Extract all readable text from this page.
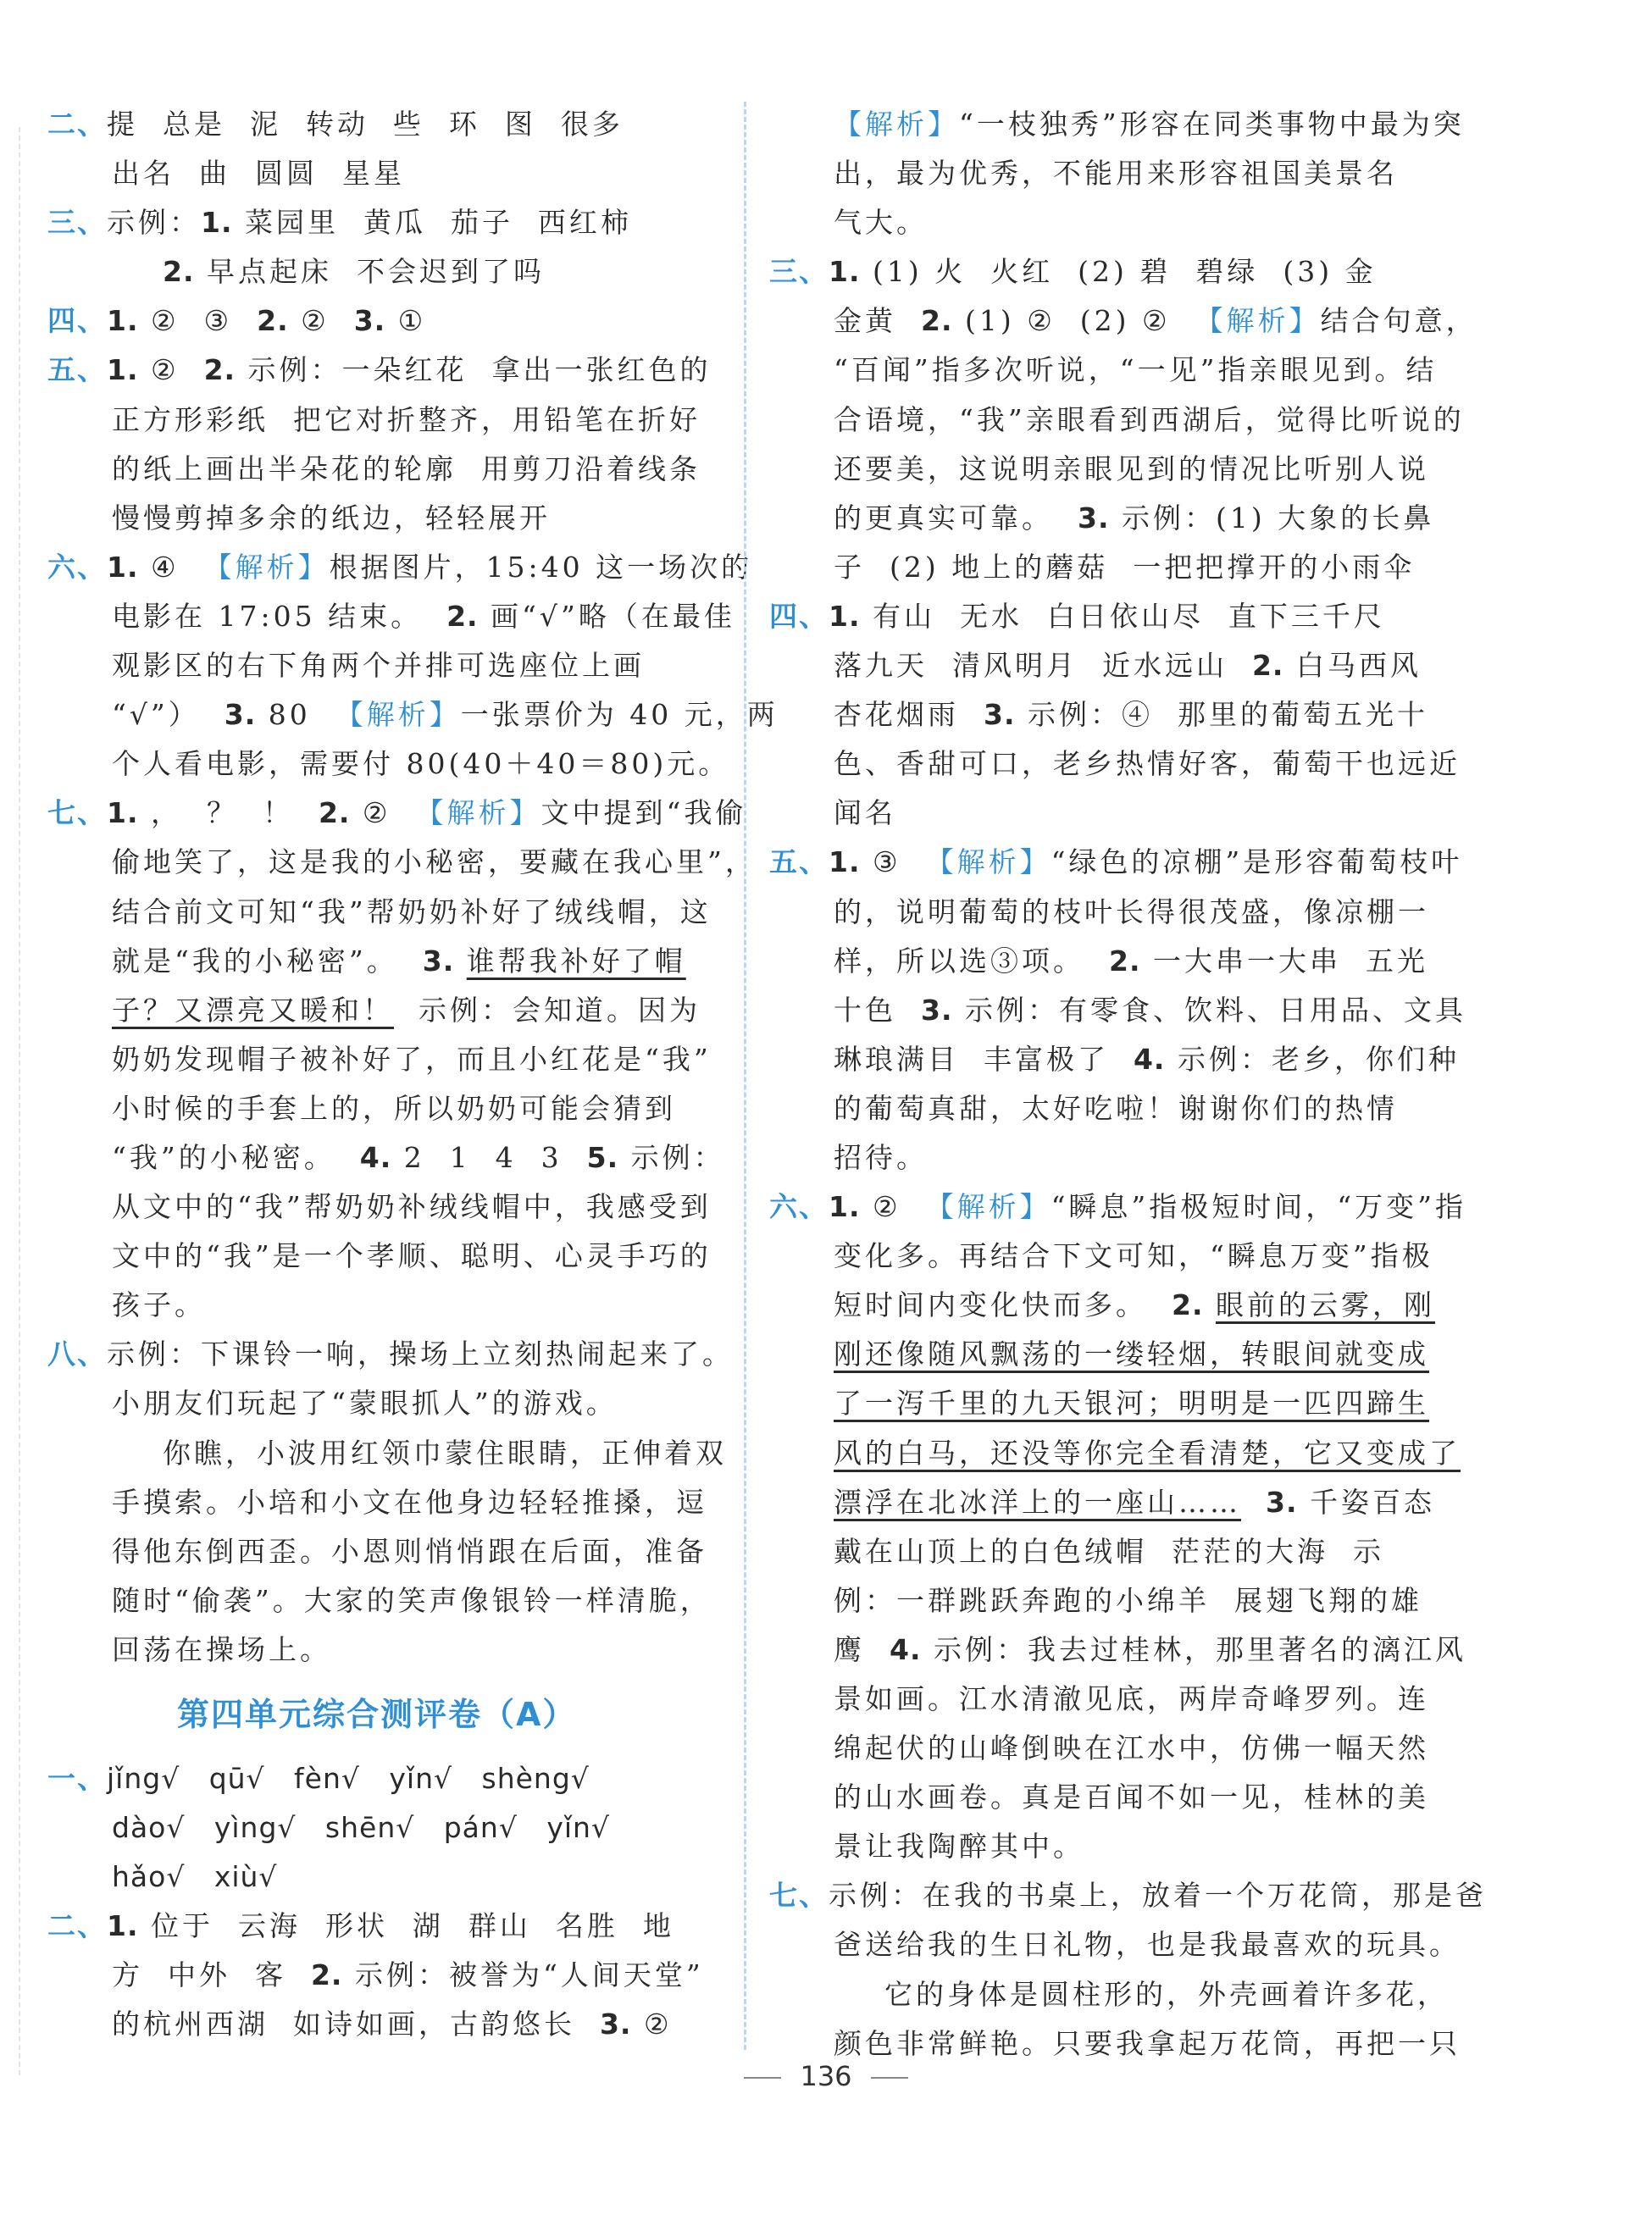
二、提  总是  泥  转动  些  环  图  很多
出名  曲  圆圆  星星
三、示例：1. 菜园里  黄瓜  茄子  西红柿
2. 早点起床  不会迟到了吗
四、1. ②  ③  2. ②  3. ①
五、1. ②  2. 示例：一朵红花  拿出一张红色的
正方形彩纸  把它对折整齐，用铅笔在折好
的纸上画出半朵花的轮廓  用剪刀沿着线条
慢慢剪掉多余的纸边，轻轻展开
六、1. ④  【解析】根据图片，15:40 这一场次的
电影在 17:05 结束。  2. 画“√”略（在最佳
观影区的右下角两个并排可选座位上画
“√”）  3. 80  【解析】一张票价为 40 元，两
个人看电影，需要付 80(40＋40＝80)元。
七、1. ，  ？  ！  2. ②  【解析】文中提到“我偷
偷地笑了，这是我的小秘密，要藏在我心里”，
结合前文可知“我”帮奶奶补好了绒线帽，这
就是“我的小秘密”。  3. 谁帮我补好了帽
子？又漂亮又暖和！  示例：会知道。因为
奶奶发现帽子被补好了，而且小红花是“我”
小时候的手套上的，所以奶奶可能会猜到
“我”的小秘密。  4. 2  1  4  3  5. 示例：
从文中的“我”帮奶奶补绒线帽中，我感受到
文中的“我”是一个孝顺、聪明、心灵手巧的
孩子。
八、示例：下课铃一响，操场上立刻热闹起来了。
小朋友们玩起了“蒙眼抓人”的游戏。
你瞧，小波用红领巾蒙住眼睛，正伸着双
手摸索。小培和小文在他身边轻轻推搡，逗
得他东倒西歪。小恩则悄悄跟在后面，准备
随时“偷袭”。大家的笑声像银铃一样清脆，
回荡在操场上。
第四单元综合测评卷（A）
一、jǐng√   qū√   fèn√   yǐn√   shèng√
dào√   yìng√   shēn√   pán√   yǐn√
hǎo√   xiù√
二、1. 位于  云海  形状  湖  群山  名胜  地
方  中外  客  2. 示例：被誉为“人间天堂”
的杭州西湖  如诗如画，古韵悠长  3. ②
【解析】“一枝独秀”形容在同类事物中最为突
出，最为优秀，不能用来形容祖国美景名
气大。
三、1. (1) 火  火红  (2) 碧  碧绿  (3) 金
金黄  2. (1) ②  (2) ②  【解析】结合句意，
“百闻”指多次听说，“一见”指亲眼见到。结
合语境，“我”亲眼看到西湖后，觉得比听说的
还要美，这说明亲眼见到的情况比听别人说
的更真实可靠。  3. 示例：(1) 大象的长鼻
子  (2) 地上的蘑菇  一把把撑开的小雨伞
四、1. 有山  无水  白日依山尽  直下三千尺
落九天  清风明月  近水远山  2. 白马西风
杏花烟雨  3. 示例：④  那里的葡萄五光十
色、香甜可口，老乡热情好客，葡萄干也远近
闻名
五、1. ③  【解析】“绿色的凉棚”是形容葡萄枝叶
的，说明葡萄的枝叶长得很茂盛，像凉棚一
样，所以选③项。  2. 一大串一大串  五光
十色  3. 示例：有零食、饮料、日用品、文具
琳琅满目  丰富极了  4. 示例：老乡，你们种
的葡萄真甜，太好吃啦！谢谢你们的热情
招待。
六、1. ②  【解析】“瞬息”指极短时间，“万变”指
变化多。再结合下文可知，“瞬息万变”指极
短时间内变化快而多。  2. 眼前的云雾，刚
刚还像随风飘荡的一缕轻烟，转眼间就变成
了一泻千里的九天银河；明明是一匹四蹄生
风的白马，还没等你完全看清楚，它又变成了
漂浮在北冰洋上的一座山…… 3. 千姿百态
戴在山顶上的白色绒帽  茫茫的大海  示
例：一群跳跃奔跑的小绵羊  展翅飞翔的雄
鹰  4. 示例：我去过桂林，那里著名的漓江风
景如画。江水清澈见底，两岸奇峰罗列。连
绵起伏的山峰倒映在江水中，仿佛一幅天然
的山水画卷。真是百闻不如一见，桂林的美
景让我陶醉其中。
七、示例：在我的书桌上，放着一个万花筒，那是爸
爸送给我的生日礼物，也是我最喜欢的玩具。
它的身体是圆柱形的，外壳画着许多花，
颜色非常鲜艳。只要我拿起万花筒，再把一只
136
